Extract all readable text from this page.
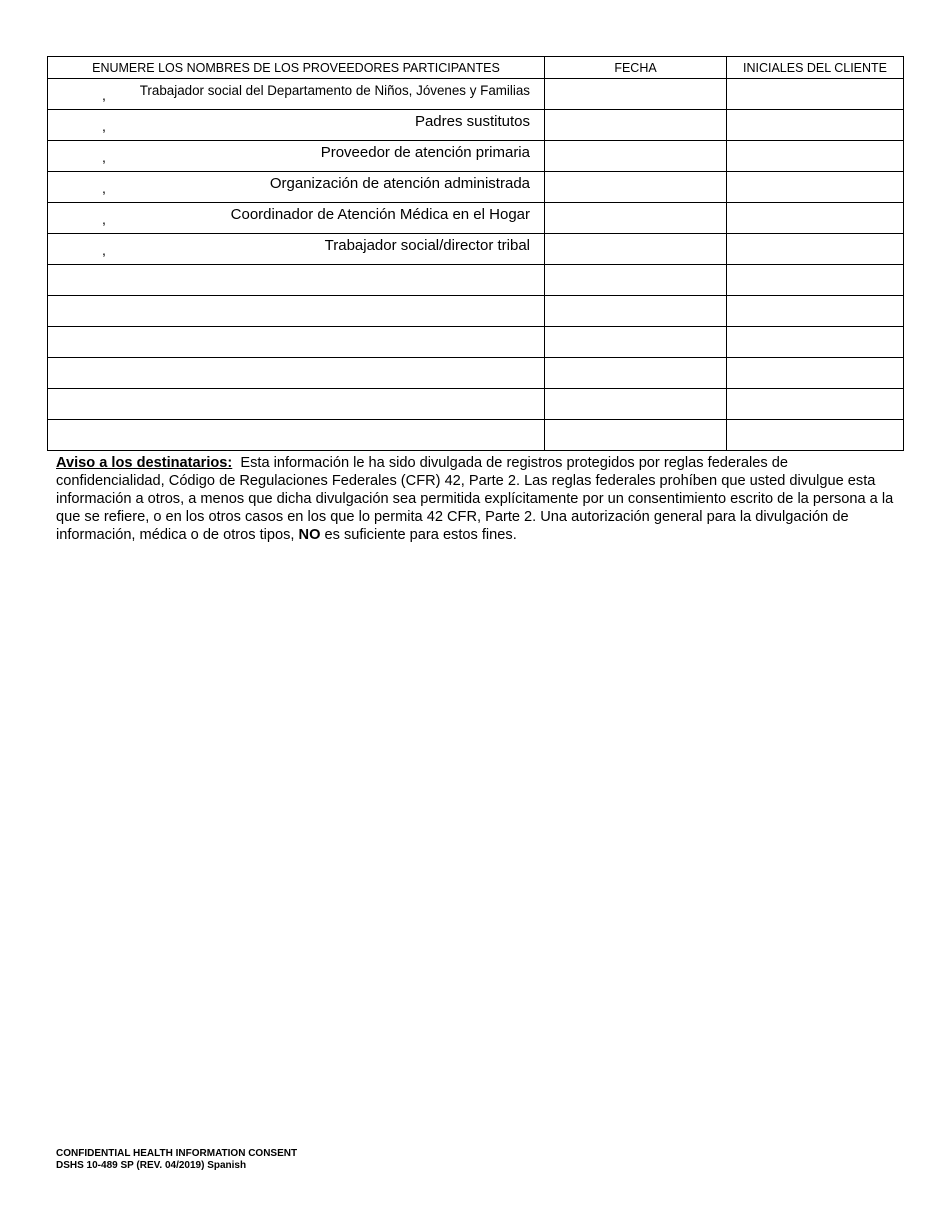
ENUMERE LOS NOMBRES DE LOS PROVEEDORES PARTICIPANTES	FECHA	INICIALES DEL CLIENTE

, Trabajador social del Departamento de Niños, Jóvenes y Familias		

, Padres sustitutos		

, Proveedor de atención primaria		

, Organización de atención administrada		

, Coordinador de Atención Médica en el Hogar		

, Trabajador social/director tribal		

Aviso a los destinatarios: Esta información le ha sido divulgada de registros protegidos por reglas federales de confidencialidad, Código de Regulaciones Federales (CFR) 42, Parte 2. Las reglas federales prohíben que usted divulgue esta información a otros, a menos que dicha divulgación sea permitida explícitamente por un consentimiento escrito de la persona a la que se refiere, o en los otros casos en los que lo permita 42 CFR, Parte 2. Una autorización general para la divulgación de información, médica o de otros tipos, NO es suficiente para estos fines.
CONFIDENTIAL HEALTH INFORMATION CONSENT
DSHS 10-489 SP (REV. 04/2019) Spanish
